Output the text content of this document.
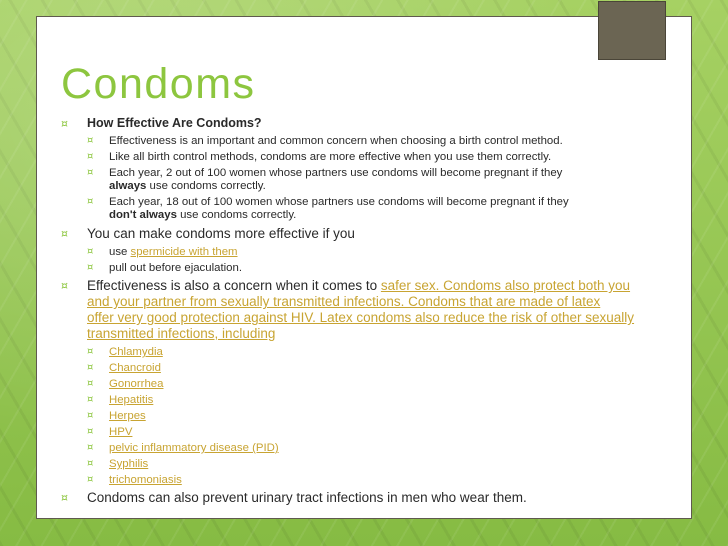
Condoms
¤ How Effective Are Condoms?
¤ Effectiveness is an important and common concern when choosing a birth control method.
¤ Like all birth control methods, condoms are more effective when you use them correctly.
¤ Each year, 2 out of 100 women whose partners use condoms will become pregnant if they
always use condoms correctly.
¤ Each year, 18 out of 100 women whose partners use condoms will become pregnant if they
don't always use condoms correctly.
¤ You can make condoms more effective if you
¤ use spermicide with them
¤ pull out before ejaculation.
¤ Effectiveness is also a concern when it comes to safer sex. Condoms also protect both you
and your partner from sexually transmitted infections. Condoms that are made of latex
offer very good protection against HIV. Latex condoms also reduce the risk of other sexually
transmitted infections, including
¤ Chlamydia
¤ Chancroid
¤ Gonorrhea
¤ Hepatitis
¤ Herpes
¤ HPV
¤ pelvic inflammatory disease (PID)
¤ Syphilis
¤ trichomoniasis
¤ Condoms can also prevent urinary tract infections in men who wear them.
